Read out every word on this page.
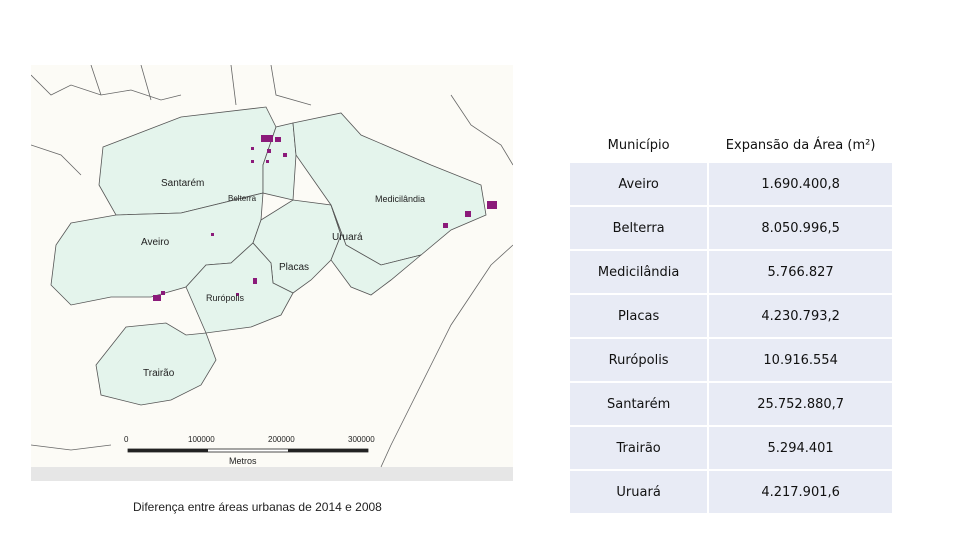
Santarém
Belterra
Aveiro
Medicilândia
Uruará
Placas
Rurópolis
Trairão
0	100000	200000	300000
Metros
Diferença entre áreas urbanas de 2014 e 2008
Município	Expansão da Área (m²)
Aveiro	1.690.400,8
Belterra	8.050.996,5
Medicilândia	5.766.827
Placas	4.230.793,2
Rurópolis	10.916.554
Santarém	25.752.880,7
Trairão	5.294.401
Uruará	4.217.901,6
